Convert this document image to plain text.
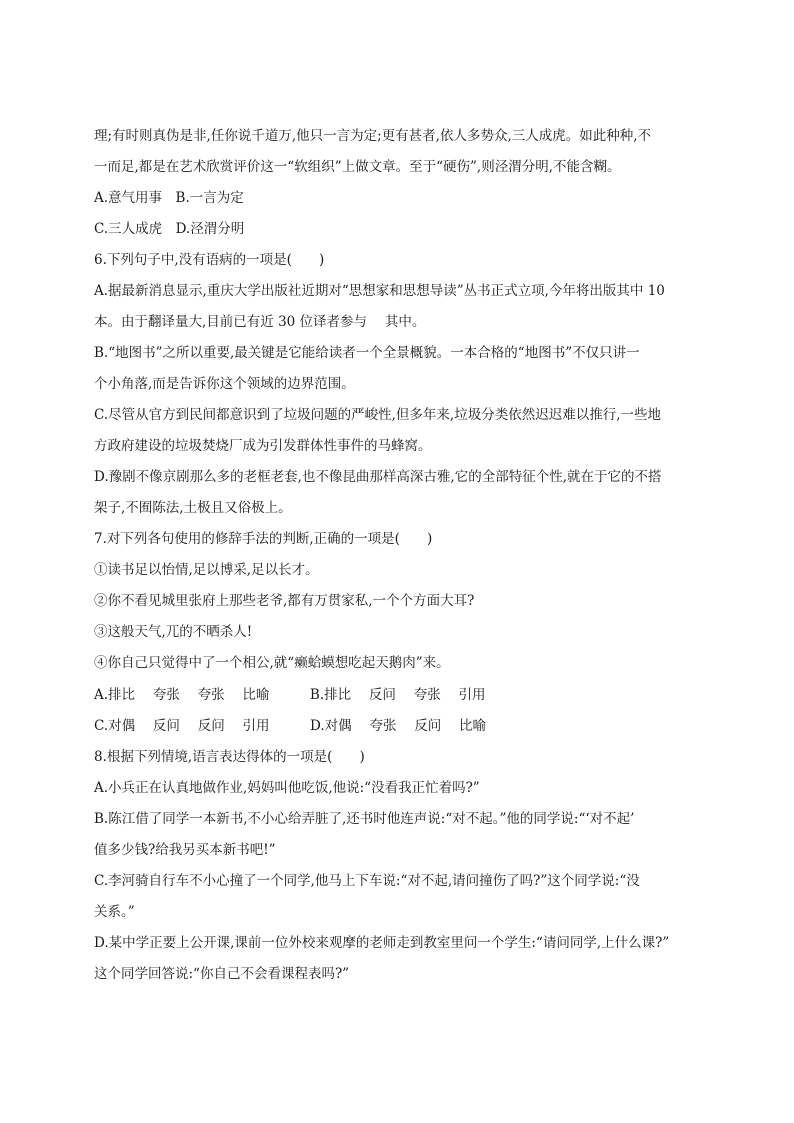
理;有时则真伪是非,任你说千道万,他只一言为定;更有甚者,依人多势众,三人成虎。如此种种,不
一而足,都是在艺术欣赏评价这一“软组织”上做文章。至于“硬伤”,则泾渭分明,不能含糊。
A.意气用事　B.一言为定
C.三人成虎　D.泾渭分明
6.下列句子中,没有语病的一项是(　　)
A.据最新消息显示,重庆大学出版社近期对“思想家和思想导读”丛书正式立项,今年将出版其中 10
本。由于翻译量大,目前已有近 30 位译者参与　 其中。
B.“地图书”之所以重要,最关键是它能给读者一个全景概貌。一本合格的“地图书”不仅只讲一
个小角落,而是告诉你这个领域的边界范围。
C.尽管从官方到民间都意识到了垃圾问题的严峻性,但多年来,垃圾分类依然迟迟难以推行,一些地
方政府建设的垃圾焚烧厂成为引发群体性事件的马蜂窝。
D.豫剧不像京剧那么多的老框老套,也不像昆曲那样高深古雅,它的全部特征个性,就在于它的不搭
架子,不囿陈法,土极且又俗极上。
7.对下列各句使用的修辞手法的判断,正确的一项是(　　)
①读书足以怡情,足以博采,足以长才。
②你不看见城里张府上那些老爷,都有万贯家私,一个个方面大耳?
③这般天气,兀的不晒杀人!
④你自己只觉得中了一个相公,就“癞蛤蟆想吃起天鹅肉”来。
A.排比　 夸张　 夸张　 比喻　　　B.排比　 反问　 夸张　 引用
C.对偶　 反问　 反问　 引用　　　D.对偶　 夸张　 反问　 比喻
8.根据下列情境,语言表达得体的一项是(　　)
A.小兵正在认真地做作业,妈妈叫他吃饭,他说:“没看我正忙着吗?”
B.陈江借了同学一本新书,不小心给弄脏了,还书时他连声说:“对不起。”他的同学说:“‘对不起’
值多少钱?给我另买本新书吧!”
C.李河骑自行车不小心撞了一个同学,他马上下车说:“对不起,请问撞伤了吗?”这个同学说:“没
关系。”
D.某中学正要上公开课,课前一位外校来观摩的老师走到教室里问一个学生:“请问同学,上什么课?”
这个同学回答说:“你自己不会看课程表吗?”
